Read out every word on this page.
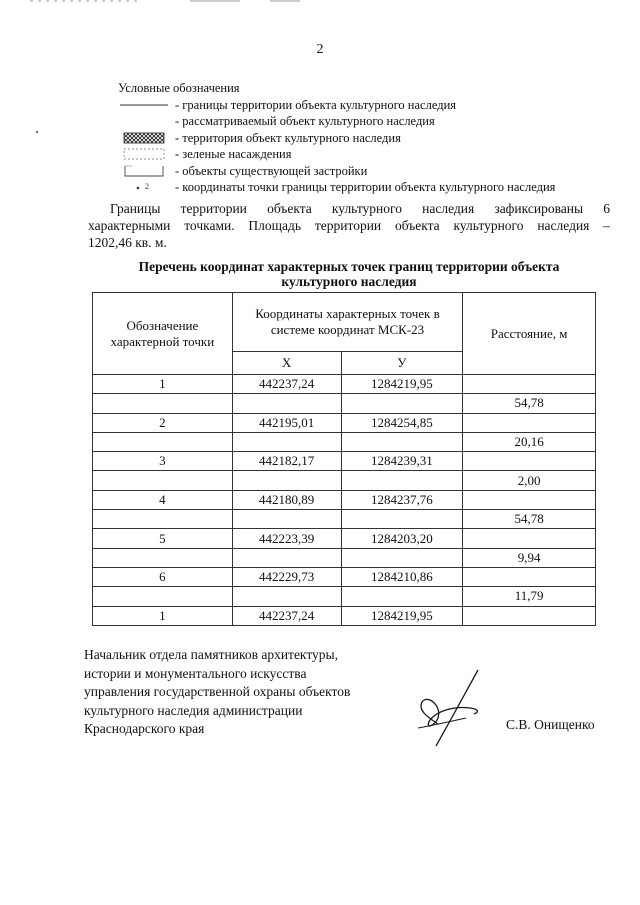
2
Условные обозначения
- границы территории объекта культурного наследия
- рассматриваемый объект культурного наследия
- территория объект культурного наследия
- зеленые насаждения
- объекты существующей застройки
2 - координаты точки границы территории объекта культурного наследия
Границы территории объекта культурного наследия зафиксированы 6
характерными точками. Площадь территории объекта культурного наследия –
1202,46 кв. м.
Перечень координат характерных точек границ территории объекта
культурного наследия
Обозначение характерной точки	Координаты характерных точек в системе координат МСК-23		Расстояние, м
	X	У	
1	442237,24	1284219,95	
			54,78
2	442195,01	1284254,85	
			20,16
3	442182,17	1284239,31	
			2,00
4	442180,89	1284237,76	
			54,78
5	442223,39	1284203,20	
			9,94
6	442229,73	1284210,86	
			11,79
1	442237,24	1284219,95	
Начальник отдела памятников архитектуры,
истории и монументального искусства
управления государственной охраны объектов
культурного наследия администрации
Краснодарского края	С.В. Онищенко
